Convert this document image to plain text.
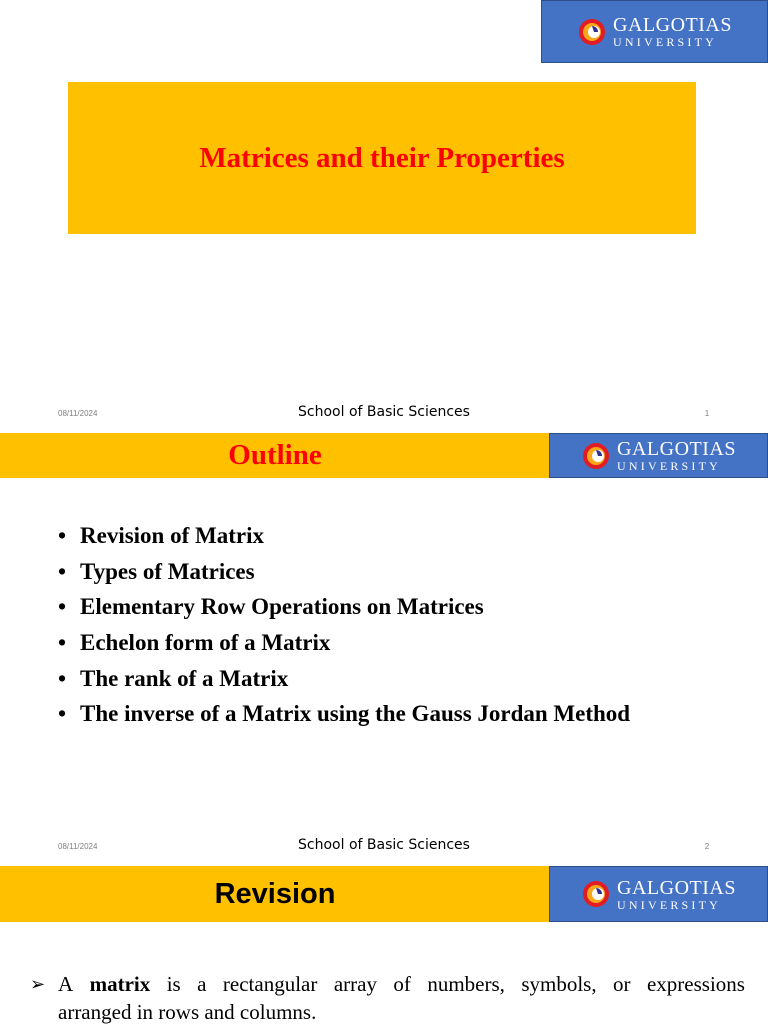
GALGOTIAS
UNIVERSITY
Matrices and their Properties
08/11/2024	School of Basic Sciences	1
Outline	GALGOTIAS
UNIVERSITY
• Revision of Matrix
• Types of Matrices
• Elementary Row Operations on Matrices
• Echelon form of a Matrix
• The rank of a Matrix
• The inverse of a Matrix using the Gauss Jordan Method
08/11/2024	School of Basic Sciences	2
Revision	GALGOTIAS
UNIVERSITY
➢ A matrix is a rectangular array of numbers, symbols, or expressions
arranged in rows and columns.
